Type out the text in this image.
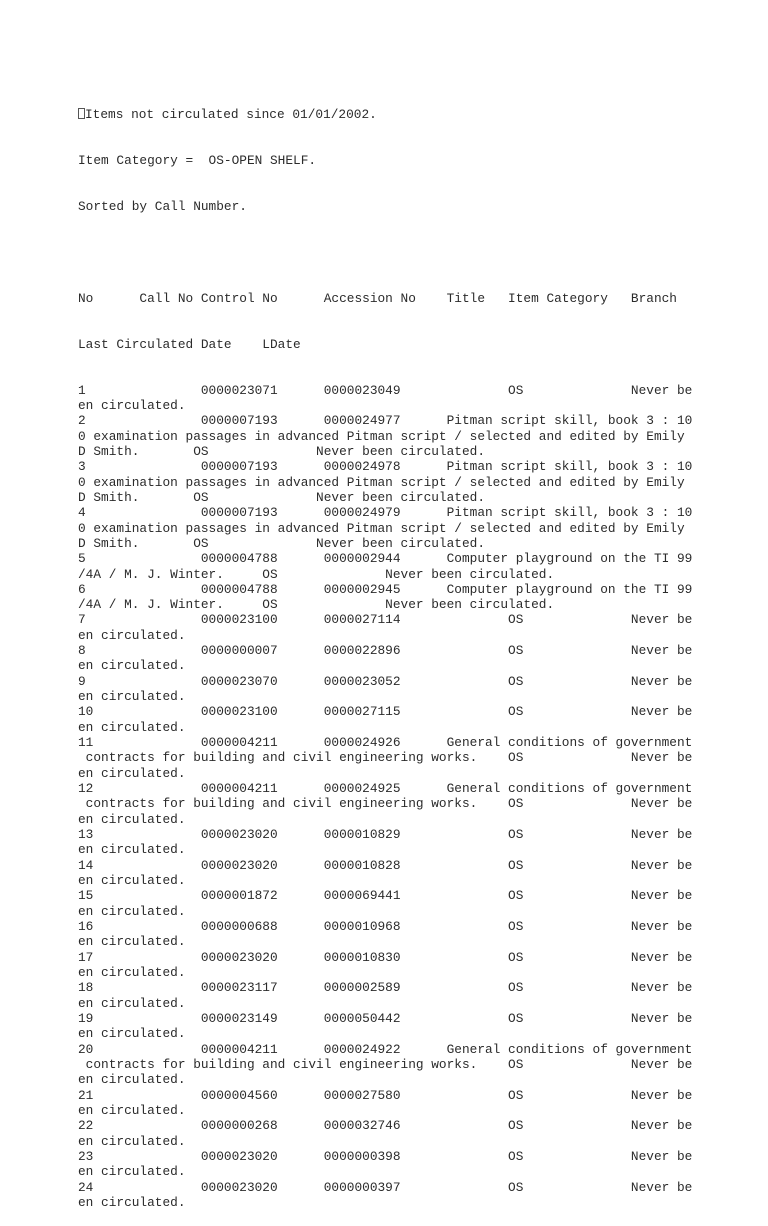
Items not circulated since 01/01/2002.

Item Category =  OS-OPEN SHELF.

Sorted by Call Number.

No      Call No Control No      Accession No    Title   Item Category   Branch

Last Circulated Date    LDate

1               0000023071      0000023049              OS              Never be
en circulated.
2               0000007193      0000024977      Pitman script skill, book 3 : 10
0 examination passages in advanced Pitman script / selected and edited by Emily
D Smith.       OS              Never been circulated.
3               0000007193      0000024978      Pitman script skill, book 3 : 10
0 examination passages in advanced Pitman script / selected and edited by Emily
D Smith.       OS              Never been circulated.
4               0000007193      0000024979      Pitman script skill, book 3 : 10
0 examination passages in advanced Pitman script / selected and edited by Emily
D Smith.       OS              Never been circulated.
5               0000004788      0000002944      Computer playground on the TI 99
/4A / M. J. Winter.     OS              Never been circulated.
6               0000004788      0000002945      Computer playground on the TI 99
/4A / M. J. Winter.     OS              Never been circulated.
7               0000023100      0000027114              OS              Never be
en circulated.
8               0000000007      0000022896              OS              Never be
en circulated.
9               0000023070      0000023052              OS              Never be
en circulated.
10              0000023100      0000027115              OS              Never be
en circulated.
11              0000004211      0000024926      General conditions of government
contracts for building and civil engineering works.    OS              Never be
en circulated.
12              0000004211      0000024925      General conditions of government
contracts for building and civil engineering works.    OS              Never be
en circulated.
13              0000023020      0000010829              OS              Never be
en circulated.
14              0000023020      0000010828              OS              Never be
en circulated.
15              0000001872      0000069441              OS              Never be
en circulated.
16              0000000688      0000010968              OS              Never be
en circulated.
17              0000023020      0000010830              OS              Never be
en circulated.
18              0000023117      0000002589              OS              Never be
en circulated.
19              0000023149      0000050442              OS              Never be
en circulated.
20              0000004211      0000024922      General conditions of government
contracts for building and civil engineering works.    OS              Never be
en circulated.
21              0000004560      0000027580              OS              Never be
en circulated.
22              0000000268      0000032746              OS              Never be
en circulated.
23              0000023020      0000000398              OS              Never be
en circulated.
24              0000023020      0000000397              OS              Never be
en circulated.
